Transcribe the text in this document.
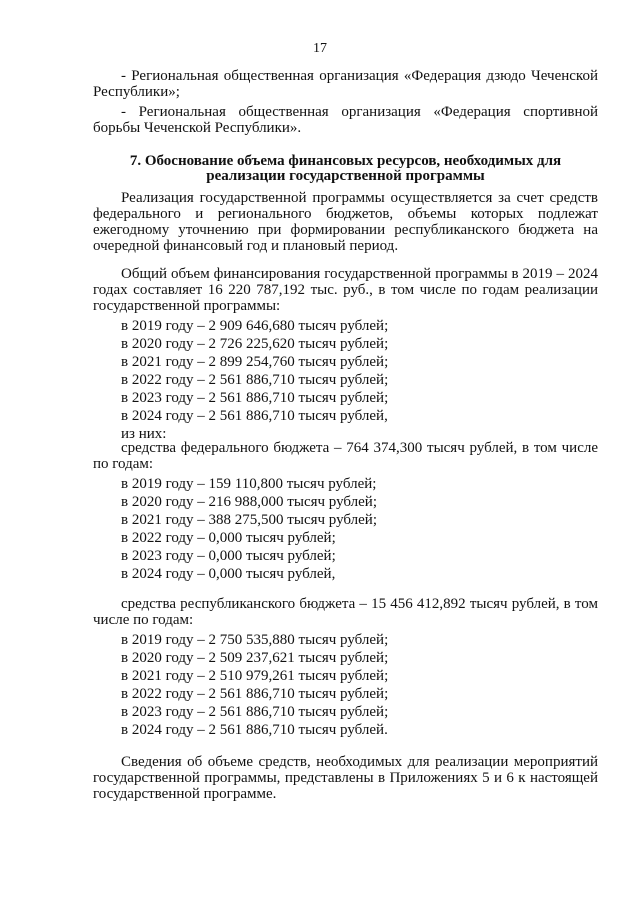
17
- Региональная общественная организация «Федерация дзюдо Чеченской Республики»;
- Региональная общественная организация «Федерация спортивной борьбы Чеченской Республики».
7. Обоснование объема финансовых ресурсов, необходимых для реализации государственной программы
Реализация государственной программы осуществляется за счет средств федерального и регионального бюджетов, объемы которых подлежат ежегодному уточнению при формировании республиканского бюджета на очередной финансовый год и плановый период.
Общий объем финансирования государственной программы в 2019 – 2024 годах составляет 16 220 787,192 тыс. руб., в том числе по годам реализации государственной программы:
в 2019 году – 2 909 646,680 тысяч рублей;
в 2020 году – 2 726 225,620 тысяч рублей;
в 2021 году – 2 899 254,760 тысяч рублей;
в 2022 году – 2 561 886,710 тысяч рублей;
в 2023 году – 2 561 886,710 тысяч рублей;
в 2024 году – 2 561 886,710 тысяч рублей,
из них:
средства федерального бюджета – 764 374,300 тысяч рублей, в том числе по годам:
в 2019 году – 159 110,800 тысяч рублей;
в 2020 году – 216 988,000 тысяч рублей;
в 2021 году – 388 275,500 тысяч рублей;
в 2022 году – 0,000 тысяч рублей;
в 2023 году – 0,000 тысяч рублей;
в 2024 году – 0,000 тысяч рублей,
средства республиканского бюджета – 15 456 412,892 тысяч рублей, в том числе по годам:
в 2019 году – 2 750 535,880 тысяч рублей;
в 2020 году – 2 509 237,621 тысяч рублей;
в 2021 году – 2 510 979,261 тысяч рублей;
в 2022 году – 2 561 886,710 тысяч рублей;
в 2023 году – 2 561 886,710 тысяч рублей;
в 2024 году – 2 561 886,710 тысяч рублей.
Сведения об объеме средств, необходимых для реализации мероприятий государственной программы, представлены в Приложениях 5 и 6 к настоящей государственной программе.
